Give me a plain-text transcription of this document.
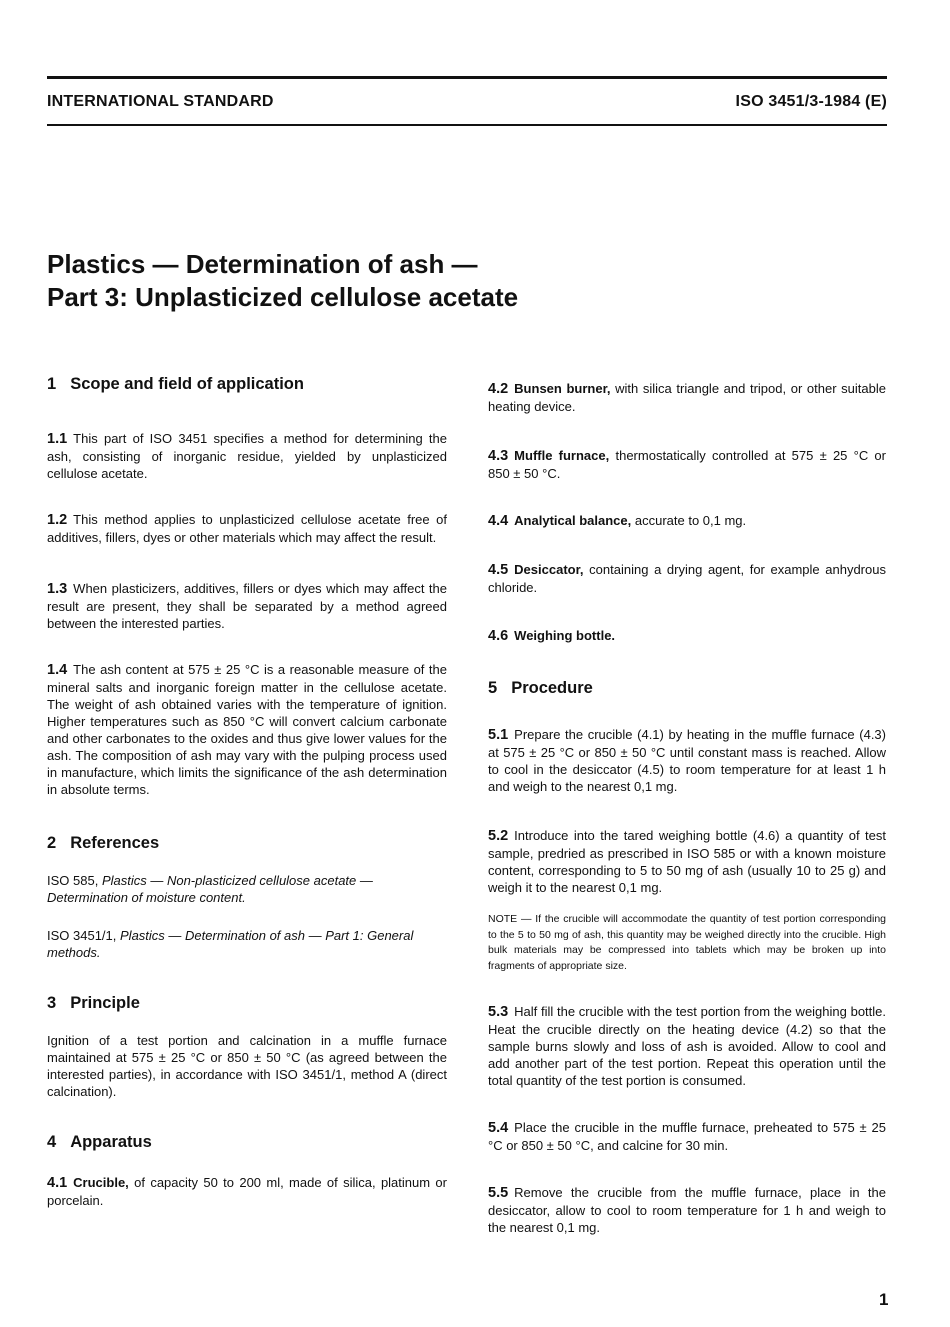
INTERNATIONAL STANDARD	ISO 3451/3-1984 (E)
Plastics — Determination of ash —
Part 3: Unplasticized cellulose acetate
1 Scope and field of application

1.1 This part of ISO 3451 specifies a method for determining the ash, consisting of inorganic residue, yielded by unplasticized cellulose acetate.

1.2 This method applies to unplasticized cellulose acetate free of additives, fillers, dyes or other materials which may affect the result.

1.3 When plasticizers, additives, fillers or dyes which may affect the result are present, they shall be separated by a method agreed between the interested parties.

1.4 The ash content at 575 ± 25 °C is a reasonable measure of the mineral salts and inorganic foreign matter in the cellulose acetate. The weight of ash obtained varies with the temperature of ignition. Higher temperatures such as 850 °C will convert calcium carbonate and other carbonates to the oxides and thus give lower values for the ash. The composition of ash may vary with the pulping process used in manufacture, which limits the significance of the ash determination in absolute terms.

2 References

ISO 585, Plastics — Non-plasticized cellulose acetate — Determination of moisture content.

ISO 3451/1, Plastics — Determination of ash — Part 1: General methods.

3 Principle

Ignition of a test portion and calcination in a muffle furnace maintained at 575 ± 25 °C or 850 ± 50 °C (as agreed between the interested parties), in accordance with ISO 3451/1, method A (direct calcination).

4 Apparatus

4.1 Crucible, of capacity 50 to 200 ml, made of silica, platinum or porcelain.

4.2 Bunsen burner, with silica triangle and tripod, or other suitable heating device.

4.3 Muffle furnace, thermostatically controlled at 575 ± 25 °C or 850 ± 50 °C.

4.4 Analytical balance, accurate to 0,1 mg.

4.5 Desiccator, containing a drying agent, for example anhydrous chloride.

4.6 Weighing bottle.

5 Procedure

5.1 Prepare the crucible (4.1) by heating in the muffle furnace (4.3) at 575 ± 25 °C or 850 ± 50 °C until constant mass is reached. Allow to cool in the desiccator (4.5) to room temperature for at least 1 h and weigh to the nearest 0,1 mg.

5.2 Introduce into the tared weighing bottle (4.6) a quantity of test sample, predried as prescribed in ISO 585 or with a known moisture content, corresponding to 5 to 50 mg of ash (usually 10 to 25 g) and weigh it to the nearest 0,1 mg.

NOTE — If the crucible will accommodate the quantity of test portion corresponding to the 5 to 50 mg of ash, this quantity may be weighed directly into the crucible. High bulk materials may be compressed into tablets which may be broken up into fragments of appropriate size.

5.3 Half fill the crucible with the test portion from the weighing bottle. Heat the crucible directly on the heating device (4.2) so that the sample burns slowly and loss of ash is avoided. Allow to cool and add another part of the test portion. Repeat this operation until the total quantity of the test portion is consumed.

5.4 Place the crucible in the muffle furnace, preheated to 575 ± 25 °C or 850 ± 50 °C, and calcine for 30 min.

5.5 Remove the crucible from the muffle furnace, place in the desiccator, allow to cool to room temperature for 1 h and weigh to the nearest 0,1 mg.

1
